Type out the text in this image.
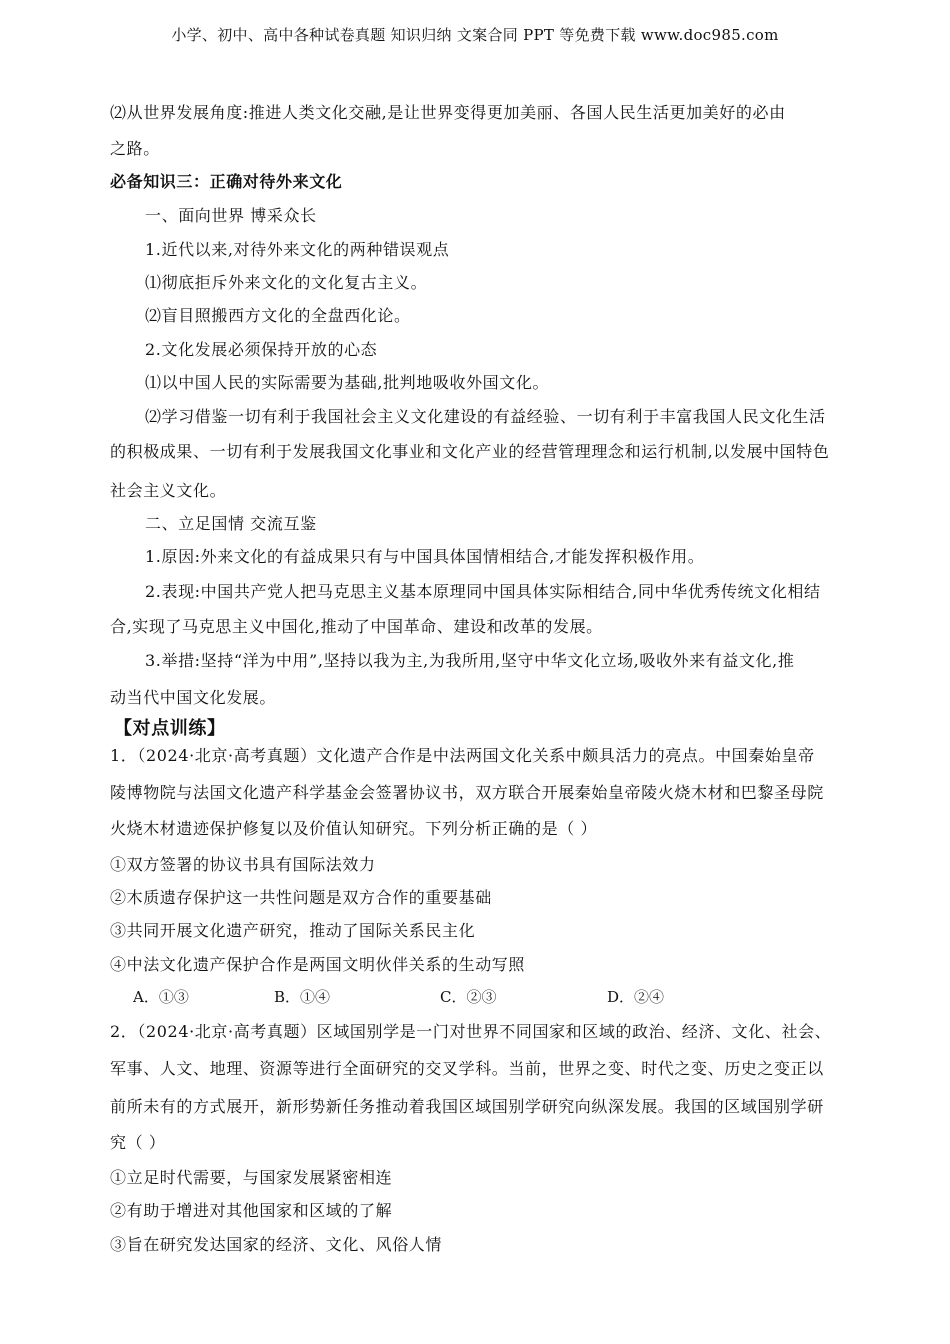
小学、初中、高中各种试卷真题 知识归纳 文案合同 PPT 等免费下载 www.doc985.com
⑵从世界发展角度:推进人类文化交融,是让世界变得更加美丽、各国人民生活更加美好的必由
之路。
必备知识三：正确对待外来文化
一、面向世界 博采众长
1.近代以来,对待外来文化的两种错误观点
⑴彻底拒斥外来文化的文化复古主义。
⑵盲目照搬西方文化的全盘西化论。
2.文化发展必须保持开放的心态
⑴以中国人民的实际需要为基础,批判地吸收外国文化。
⑵学习借鉴一切有利于我国社会主义文化建设的有益经验、一切有利于丰富我国人民文化生活
的积极成果、一切有利于发展我国文化事业和文化产业的经营管理理念和运行机制,以发展中国特色
社会主义文化。
二、立足国情 交流互鉴
1.原因:外来文化的有益成果只有与中国具体国情相结合,才能发挥积极作用。
2.表现:中国共产党人把马克思主义基本原理同中国具体实际相结合,同中华优秀传统文化相结
合,实现了马克思主义中国化,推动了中国革命、建设和改革的发展。
3.举措:坚持“洋为中用”,坚持以我为主,为我所用,坚守中华文化立场,吸收外来有益文化,推
动当代中国文化发展。
【对点训练】
1．（2024·北京·高考真题）文化遗产合作是中法两国文化关系中颇具活力的亮点。中国秦始皇帝
陵博物院与法国文化遗产科学基金会签署协议书，双方联合开展秦始皇帝陵火烧木材和巴黎圣母院
火烧木材遗迹保护修复以及价值认知研究。下列分析正确的是（ ）
①双方签署的协议书具有国际法效力
②木质遗存保护这一共性问题是双方合作的重要基础
③共同开展文化遗产研究，推动了国际关系民主化
④中法文化遗产保护合作是两国文明伙伴关系的生动写照
A．①③	B．①④	C．②③	D．②④
2．（2024·北京·高考真题）区域国别学是一门对世界不同国家和区域的政治、经济、文化、社会、
军事、人文、地理、资源等进行全面研究的交叉学科。当前，世界之变、时代之变、历史之变正以
前所未有的方式展开，新形势新任务推动着我国区域国别学研究向纵深发展。我国的区域国别学研
究（ ）
①立足时代需要，与国家发展紧密相连
②有助于增进对其他国家和区域的了解
③旨在研究发达国家的经济、文化、风俗人情
